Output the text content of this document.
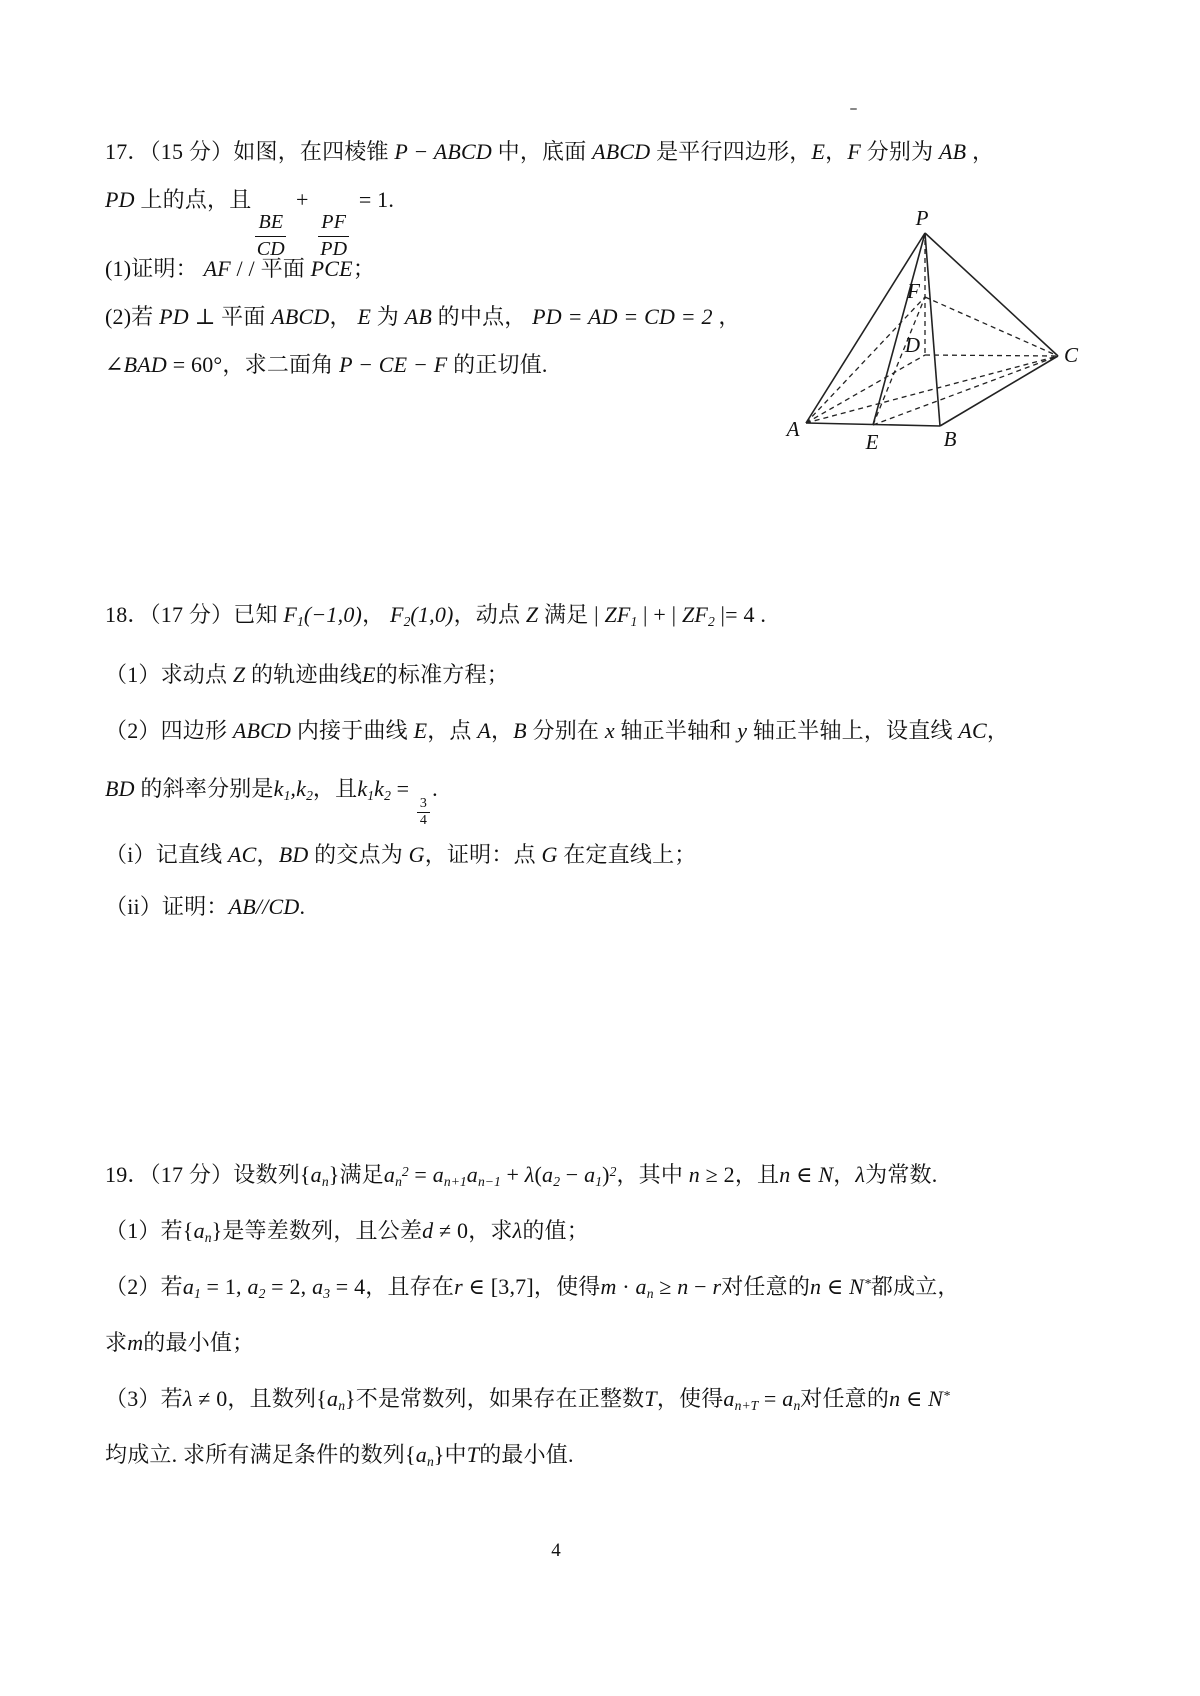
17．（15 分）如图，在四棱锥 P − ABCD 中，底面 ABCD 是平行四边形，E，F 分别为 AB ，
PD 上的点，且
$\frac{BE}{CD}$
+
$\frac{PF}{PD}$
= 1.
(1)证明： AF / / 平面 PCE；
(2)若 PD ⊥ 平面 ABCD， E 为 AB 的中点， PD = AD = CD = 2 ，
∠BAD = 60°，求二面角 P − CE − F 的正切值.
P
A
E	B
C
D
F
18．（17 分）已知 $F_1(-1,0)$， $F_2(1,0)$，动点 Z 满足 | $ZF_1$ | + | $ZF_2$ |= 4 .
（1）求动点 Z 的轨迹曲线E的标准方程；
（2）四边形 ABCD 内接于曲线 E，点 A，B 分别在 x 轴正半轴和 y 轴正半轴上，设直线 AC，
BD 的斜率分别是$k_1,k_2$，且$k_1k_2$ =
$\frac{3}{4}$
.
（i）记直线 AC，BD 的交点为 G，证明：点 G 在定直线上；
（ii）证明：AB//CD.
19．（17 分）设数列$\{a_n\}$满足$a_n^2 = a_{n+1}a_{n-1} + \lambda(a_2 - a_1)^2$，其中 n ≥ 2，且n ∈ N，λ为常数.
（1）若$\{a_n\}$是等差数列，且公差d ≠ 0，求λ的值；
（2）若$a_1 = 1$, $a_2 = 2$, $a_3 = 4$，且存在r ∈ [3,7]，使得$m \cdot a_n \ge n - r$对任意的n ∈ N*都成立，
求m的最小值；
（3）若λ ≠ 0，且数列$\{a_n\}$不是常数列，如果存在正整数T，使得$a_{n+T} = a_n$对任意的n ∈ N*
均成立. 求所有满足条件的数列$\{a_n\}$中T的最小值.
4
